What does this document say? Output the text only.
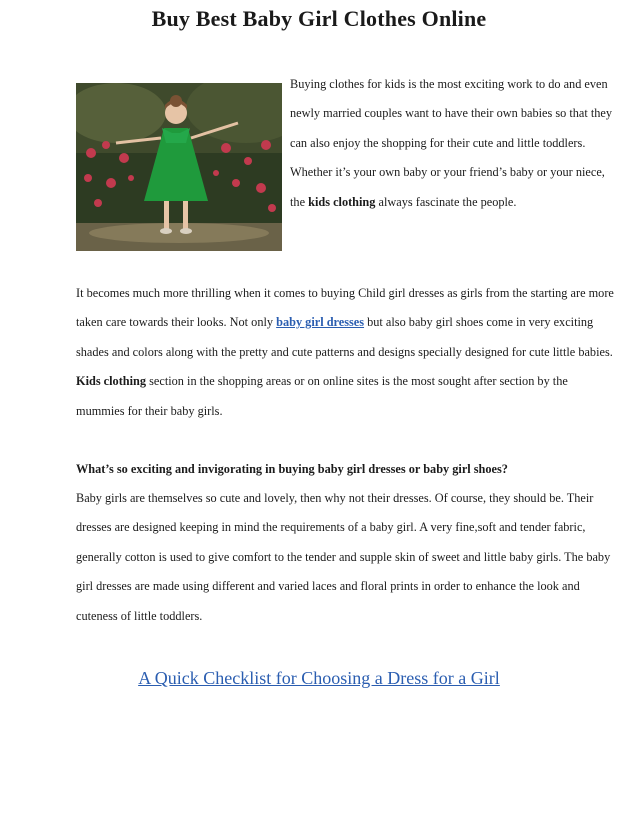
Buy Best Baby Girl Clothes Online

Buying clothes for kids is the most exciting work to do and even newly married couples want to have their own babies so that they can also enjoy the shopping for their cute and little toddlers. Whether it’s your own baby or your friend’s baby or your niece, the kids clothing always fascinate the people.

It becomes much more thrilling when it comes to buying Child girl dresses as girls from the starting are more taken care towards their looks. Not only baby girl dresses but also baby girl shoes come in very exciting shades and colors along with the pretty and cute patterns and designs specially designed for cute little babies. Kids clothing section in the shopping areas or on online sites is the most sought after section by the mummies for their baby girls.

What’s so exciting and invigorating in buying baby girl dresses or baby girl shoes?

Baby girls are themselves so cute and lovely, then why not their dresses. Of course, they should be. Their dresses are designed keeping in mind the requirements of a baby girl. A very fine,soft and tender fabric, generally cotton is used to give comfort to the tender and supple skin of sweet and little baby girls. The baby girl dresses are made using different and varied laces and floral prints in order to enhance the look and cuteness of little toddlers.

A Quick Checklist for Choosing a Dress for a Girl
